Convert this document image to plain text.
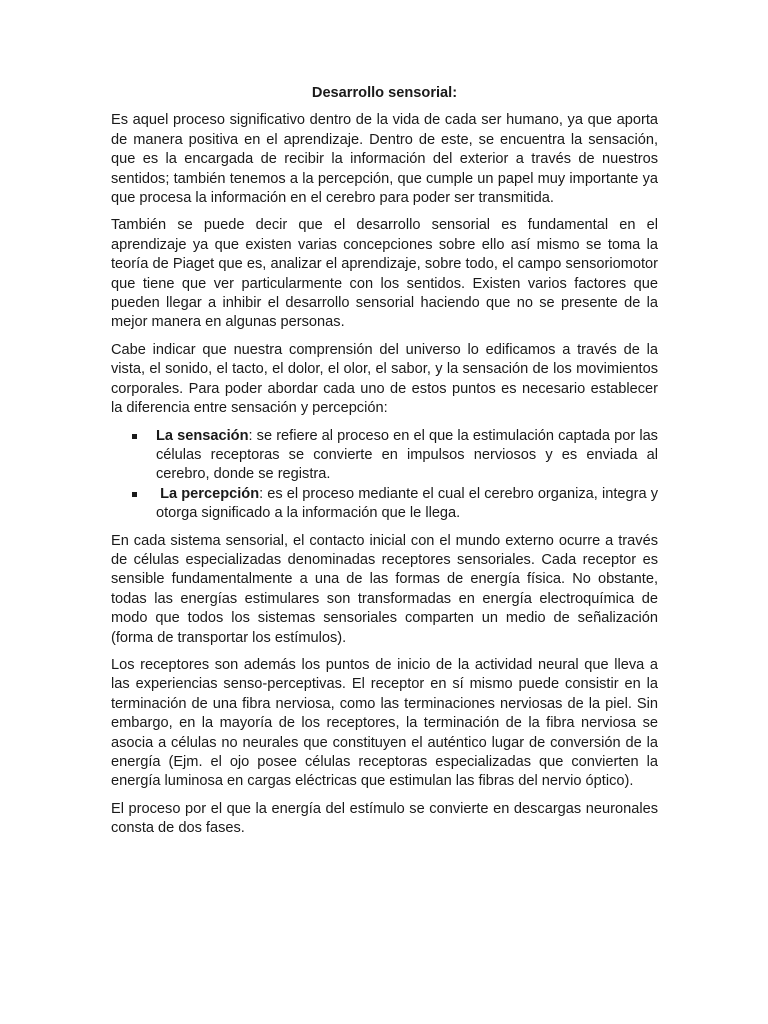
Desarrollo sensorial:

Es aquel proceso significativo dentro de la vida de cada ser humano, ya que aporta de manera positiva en el aprendizaje. Dentro de este, se encuentra la sensación, que es la encargada de recibir la información del exterior a través de nuestros sentidos; también tenemos a la percepción, que cumple un papel muy importante ya que procesa la información en el cerebro para poder ser transmitida.

También se puede decir que el desarrollo sensorial es fundamental en el aprendizaje ya que existen varias concepciones sobre ello así mismo se toma la teoría de Piaget que es, analizar el aprendizaje, sobre todo, el campo sensoriomotor que tiene que ver particularmente con los sentidos. Existen varios factores que pueden llegar a inhibir el desarrollo sensorial haciendo que no se presente de la mejor manera en algunas personas.

Cabe indicar que nuestra comprensión del universo lo edificamos a través de la vista, el sonido, el tacto, el dolor, el olor, el sabor, y la sensación de los movimientos corporales. Para poder abordar cada uno de estos puntos es necesario establecer la diferencia entre sensación y percepción:

La sensación: se refiere al proceso en el que la estimulación captada por las células receptoras se convierte en impulsos nerviosos y es enviada al cerebro, donde se registra.
La percepción: es el proceso mediante el cual el cerebro organiza, integra y otorga significado a la información que le llega.

En cada sistema sensorial, el contacto inicial con el mundo externo ocurre a través de células especializadas denominadas receptores sensoriales. Cada receptor es sensible fundamentalmente a una de las formas de energía física. No obstante, todas las energías estimulares son transformadas en energía electroquímica de modo que todos los sistemas sensoriales comparten un medio de señalización (forma de transportar los estímulos).

Los receptores son además los puntos de inicio de la actividad neural que lleva a las experiencias senso-perceptivas. El receptor en sí mismo puede consistir en la terminación de una fibra nerviosa, como las terminaciones nerviosas de la piel. Sin embargo, en la mayoría de los receptores, la terminación de la fibra nerviosa se asocia a células no neurales que constituyen el auténtico lugar de conversión de la energía (Ejm. el ojo posee células receptoras especializadas que convierten la energía luminosa en cargas eléctricas que estimulan las fibras del nervio óptico).

El proceso por el que la energía del estímulo se convierte en descargas neuronales consta de dos fases.
